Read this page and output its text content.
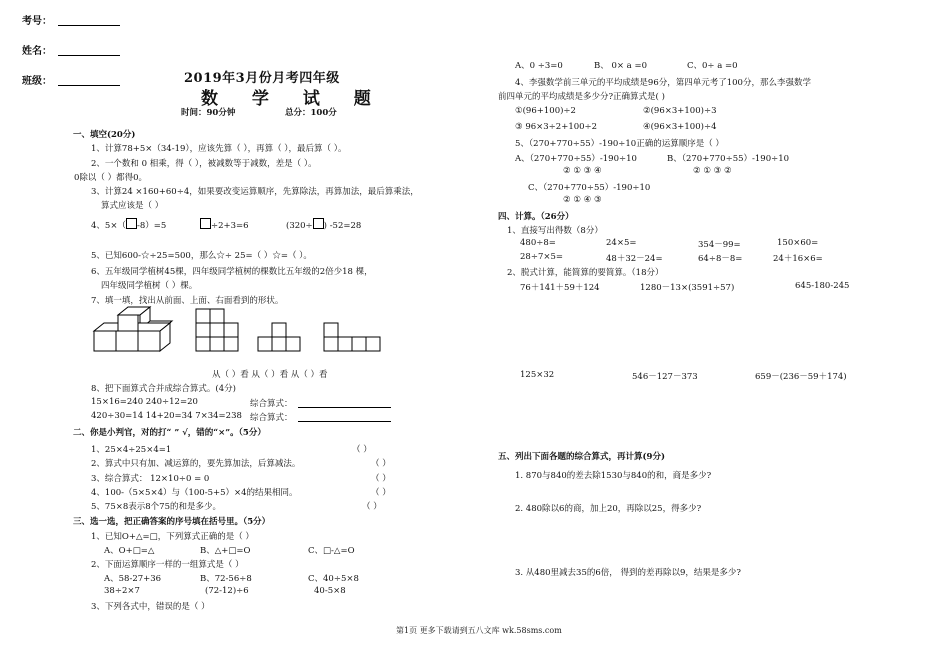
考号：
姓名：
班级：	2019年3月份月考四年级
数 学 试 题
时间：90分钟	总分：100分
一、填空(20分)
1、计算78+5×（34-19），应该先算（ ），再算（ ），最后算（ ）。
2、一个数和 0 相乘，得（ ），被减数等于减数，差是（ ）。
0除以（ ）都得0。
3、计算24 ×160+60÷4，如果要改变运算顺序，先算除法，再算加法，最后算乘法，
算式应该是（ ）
4、5×（ -8）=5	÷2+3=6	(320÷ ) -52=28
5、已知600-☆÷25=500，那么☆÷ 25=（ ）☆=（ ）。
6、五年级同学植树45棵，四年级同学植树的棵数比五年级的2倍少18 棵，
四年级同学植树（ ）棵。
7、填一填，找出从前面、上面、右面看到的形状。
从（ ）看 从（ ）看 从（ ）看
8、把下面算式合并成综合算式。(4分)
15×16=240 240÷12=20	综合算式：
420÷30=14 14+20=34 7×34=238 综合算式：
二、你是小判官，对的打“ ” √，错的“×”。（5分）
1、25×4÷25×4=1	（ ）
2、算式中只有加、减运算的，要先算加法，后算减法。	（ ）
3、综合算式： 12×10÷0 = 0	（ ）
4、100-（5×5×4）与（100-5+5）×4的结果相同。	（ ）
5、75×8表示8个75的和是多少。	（ ）
三、选一选，把正确答案的序号填在括号里。（5分）
1、已知O+△=□，下列算式正确的是（ ）
A、O+□=△	B、△+□=O	C、□-△=O
2、下面运算顺序一样的一组算式是（ ）
A、58-27+36	B、72-56÷8	C、40÷5×8
38÷2×7	(72-12)÷6	40-5×8
3、下列各式中，错误的是（ ）
A、0 ÷3=0	B、 0× a =0	C、0÷ a =0
4、李强数学前三单元的平均成绩是96分，第四单元考了100分，那么李强数学
前四单元的平均成绩是多少分?正确算式是( )
①(96+100)÷2	②(96×3+100)÷3
③ 96×3÷2+100÷2	④(96×3+100)÷4
5、（270+770÷55）-190÷10正确的运算顺序是（ ）
A、（270+770÷55）-190÷10	B、（270+770÷55）-190÷10
② ① ③ ④	② ① ③ ②
C、（270+770÷55）-190÷10
② ① ④ ③
四、计算。（26分）
1、直接写出得数（8分）
480÷8=	24×5=	354－99=	150×60=
28÷7×5=	48＋32－24=	64÷8－8=	24＋16×6=
2、脱式计算，能简算的要简算。（18分）
76＋141＋59＋124	1280－13×(3591÷57)	645-180-245
125×32	546－127－373	659－(236－59＋174)
五、列出下面各题的综合算式，再计算(9分)
1. 870与840的差去除1530与840的和，商是多少?
2. 480除以6的商，加上20，再除以25，得多少?
3. 从480里减去35的6倍， 得到的差再除以9，结果是多少?
第1页 更多下载请到五八文库 wk.58sms.com
